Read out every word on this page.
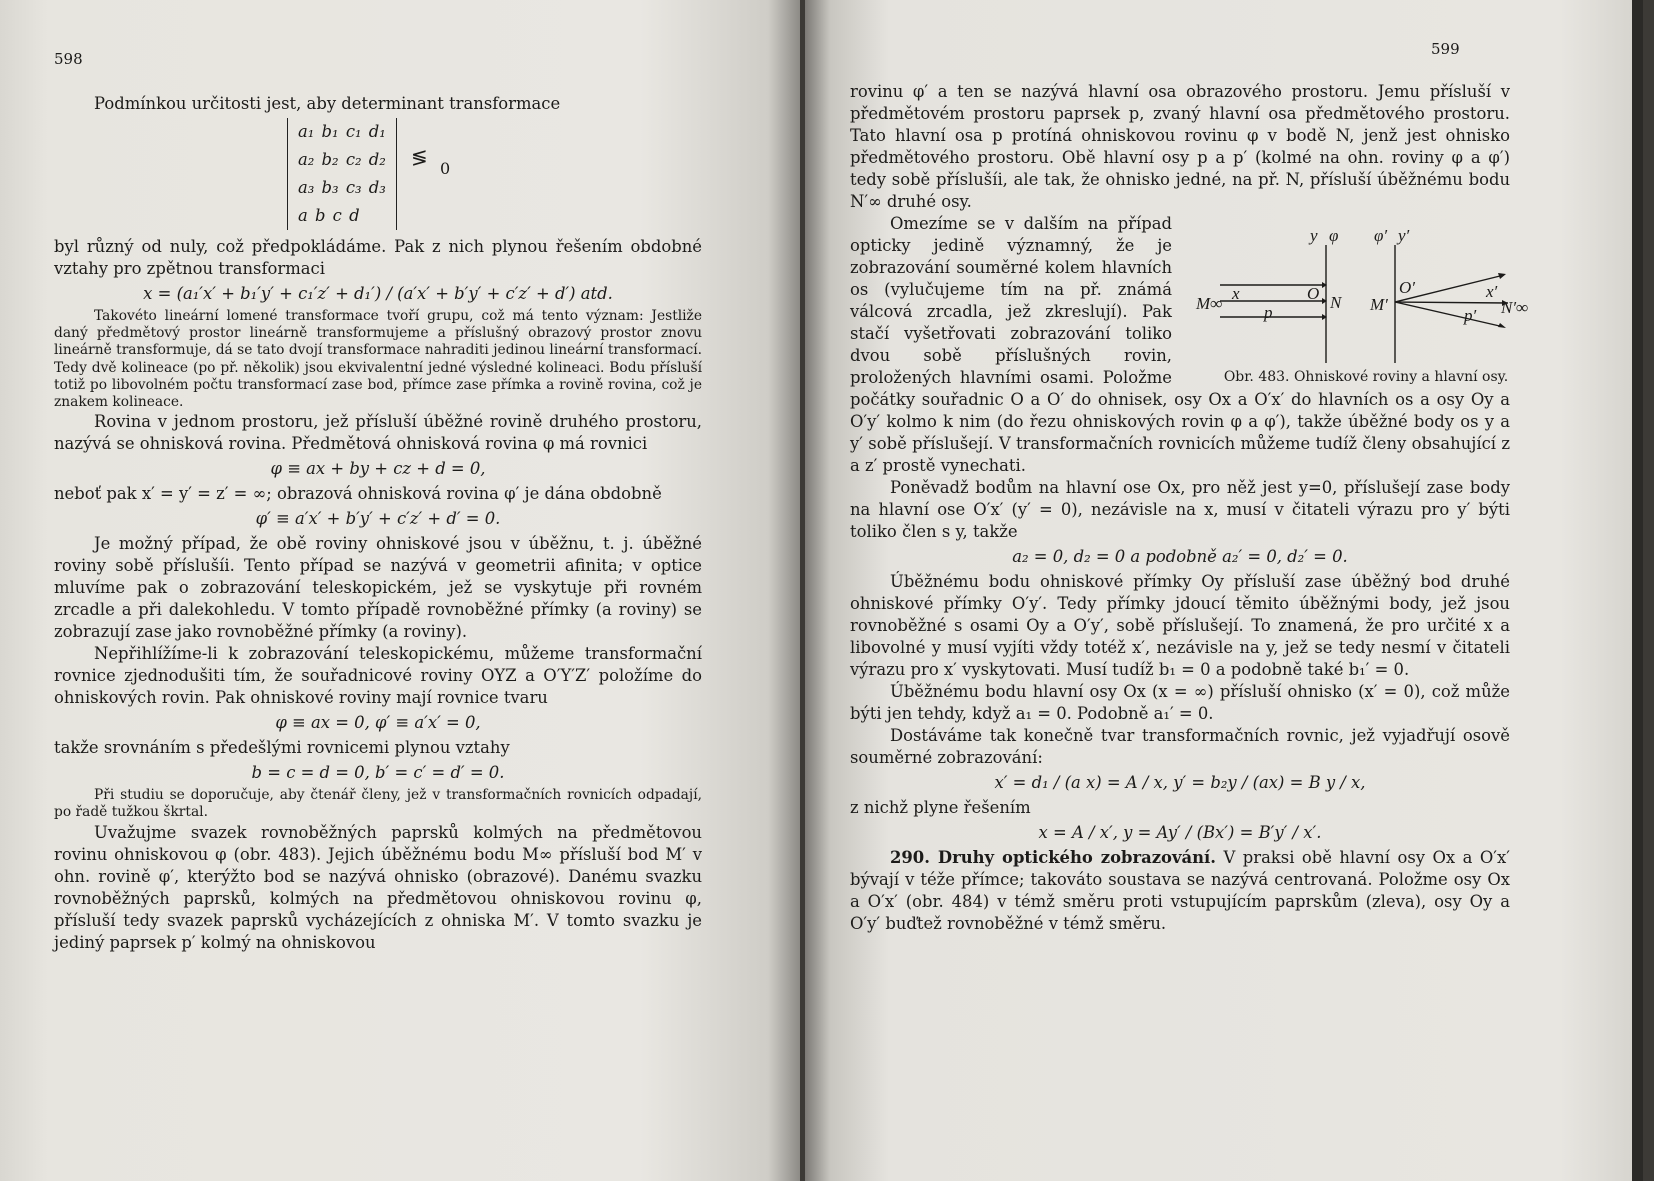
598

Podmínkou určitosti jest, aby determinant transformace

a₁ b₁ c₁ d₁
a₂ b₂ c₂ d₂
a₃ b₃ c₃ d₃
a b c d
≶ 0

byl různý od nuly, což předpokládáme. Pak z nich plynou řešením obdobné vztahy pro zpětnou transformaci

x = (a₁′x′ + b₁′y′ + c₁′z′ + d₁′) / (a′x′ + b′y′ + c′z′ + d′) atd.

Takovéto lineární lomené transformace tvoří grupu, což má tento význam: Jestliže daný předmětový prostor lineárně transformujeme a příslušný obrazový prostor znovu lineárně transformuje, dá se tato dvojí transformace nahraditi jedinou lineární transformací. Tedy dvě kolineace (po př. několik) jsou ekvivalentní jedné výsledné kolineaci. Bodu přísluší totiž po libovolném počtu transformací zase bod, přímce zase přímka a rovině rovina, což je znakem kolineace.

Rovina v jednom prostoru, jež přísluší úběžné rovině druhého prostoru, nazývá se ohnisková rovina. Předmětová ohnisková rovina φ má rovnici

φ ≡ ax + by + cz + d = 0,

neboť pak x′ = y′ = z′ = ∞; obrazová ohnisková rovina φ′ je dána obdobně

φ′ ≡ a′x′ + b′y′ + c′z′ + d′ = 0.

Je možný případ, že obě roviny ohniskové jsou v úběžnu, t. j. úběžné roviny sobě příslušíi. Tento případ se nazývá v geometrii afinita; v optice mluvíme pak o zobrazování teleskopickém, jež se vyskytuje při rovném zrcadle a při dalekohledu. V tomto případě rovnoběžné přímky (a roviny) se zobrazují zase jako rovnoběžné přímky (a roviny).

Nepřihlížíme-li k zobrazování teleskopickému, můžeme transformační rovnice zjednodušiti tím, že souřadnicové roviny OYZ a O′Y′Z′ položíme do ohniskových rovin. Pak ohniskové roviny mají rovnice tvaru

φ ≡ ax = 0, φ′ ≡ a′x′ = 0,

takže srovnáním s předešlými rovnicemi plynou vztahy

b = c = d = 0, b′ = c′ = d′ = 0.

Při studiu se doporučuje, aby čtenář členy, jež v transformačních rovnicích odpadají, po řadě tužkou škrtal.

Uvažujme svazek rovnoběžných paprsků kolmých na předmětovou rovinu ohniskovou φ (obr. 483). Jejich úběžnému bodu M∞ přísluší bod M′ v ohn. rovině φ′, kterýžto bod se nazývá ohnisko (obrazové). Danému svazku rovnoběžných paprsků, kolmých na předmětovou ohniskovou rovinu φ, přísluší tedy svazek paprsků vycházejících z ohniska M′. V tomto svazku je jediný paprsek p′ kolmý na ohniskovou

599

rovinu φ′ a ten se nazývá hlavní osa obrazového prostoru. Jemu přísluší v předmětovém prostoru paprsek p, zvaný hlavní osa předmětového prostoru. Tato hlavní osa p protíná ohniskovou rovinu φ v bodě N, jenž jest ohnisko předmětového prostoru. Obě hlavní osy p a p′ (kolmé na ohn. roviny φ a φ′) tedy sobě příslušíi, ale tak, že ohnisko jedné, na př. N, přísluší úběžnému bodu N′∞ druhé osy.

y φ φ′ y′
M∞
x
p
O N M′
O′
p′
x′
N′∞
Obr. 483. Ohniskové roviny a hlavní osy.

Omezíme se v dalším na případ opticky jedině významný, že je zobrazování souměrné kolem hlavních os (vylučujeme tím na př. známá válcová zrcadla, jež zkreslují). Pak stačí vyšetřovati zobrazování toliko dvou sobě příslušných rovin, proložených hlavními osami. Položme počátky souřadnic O a O′ do ohnisek, osy Ox a O′x′ do hlavních os a osy Oy a O′y′ kolmo k nim (do řezu ohniskových rovin φ a φ′), takže úběžné body os y a y′ sobě příslušejí. V transformačních rovnicích můžeme tudíž členy obsahující z a z′ prostě vynechati.

Poněvadž bodům na hlavní ose Ox, pro něž jest y=0, příslušejí zase body na hlavní ose O′x′ (y′ = 0), nezávisle na x, musí v čitateli výrazu pro y′ býti toliko člen s y, takže

a₂ = 0, d₂ = 0 a podobně a₂′ = 0, d₂′ = 0.

Úběžnému bodu ohniskové přímky Oy přísluší zase úběžný bod druhé ohniskové přímky O′y′. Tedy přímky jdoucí těmito úběžnými body, jež jsou rovnoběžné s osami Oy a O′y′, sobě příslušejí. To znamená, že pro určité x a libovolné y musí vyjíti vždy totéž x′, nezávisle na y, jež se tedy nesmí v čitateli výrazu pro x′ vyskytovati. Musí tudíž b₁ = 0 a podobně také b₁′ = 0.

Úběžnému bodu hlavní osy Ox (x = ∞) přísluší ohnisko (x′ = 0), což může býti jen tehdy, když a₁ = 0. Podobně a₁′ = 0.

Dostáváme tak konečně tvar transformačních rovnic, jež vyjadřují osově souměrné zobrazování:

x′ = d₁ / (a x) = A / x, y′ = b₂y / (ax) = B y / x,

z nichž plyne řešením

x = A / x′, y = Ay′ / (Bx′) = B′y′ / x′.

290. Druhy optického zobrazování. V praksi obě hlavní osy Ox a O′x′ bývají v téže přímce; takováto soustava se nazývá centrovaná. Položme osy Ox a O′x′ (obr. 484) v témž směru proti vstupujícím paprskům (zleva), osy Oy a O′y′ buďtež rovnoběžné v témž směru.
